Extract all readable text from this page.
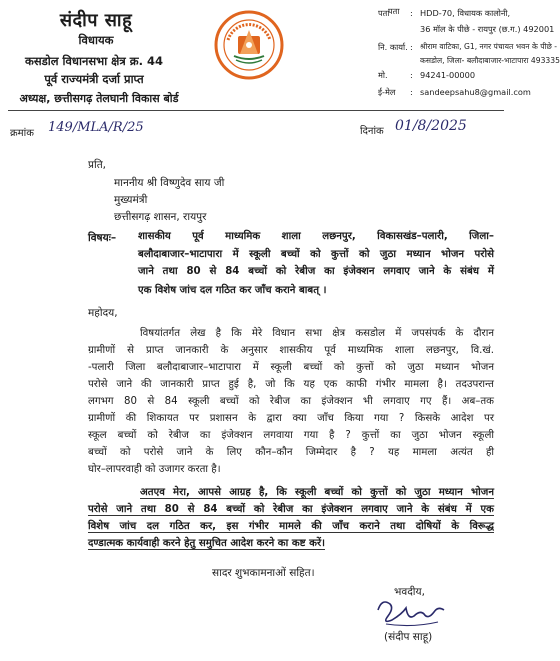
संदीप साहू
विधायक
कसडोल विधानसभा क्षेत्र क्र. 44
पूर्व राज्यमंत्री दर्जा प्राप्त
अध्यक्ष, छत्तीसगढ़ तेलघानी विकास बोर्ड
पता
पता	: HDD-70, विधायक कालोनी,
36 मॉल के पीछे - रायपुर (छ.ग.) 492001
नि. कार्या. : श्रीराम वाटिका, G1, नगर पंचायत भवन के पीछे -
कसडोल, जिला- बलौदाबाजार-भाटापारा 493335
मो.	: 94241-00000
ई-मेल : sandeepsahu8@gmail.com
क्रमांक 149/MLA/R/25	दिनांक 01/8/2025
प्रति,
माननीय श्री विष्णुदेव साय जी
मुख्यमंत्री
छत्तीसगढ़ शासन, रायपुर
विषयः– शासकीय पूर्व माध्यमिक शाला लछनपुर, विकासखंड–पलारी, जिला–
बलौदाबाजार–भाटापारा में स्कूली बच्चों को कुत्तों को जुठा मध्यान भोजन परोसे
जाने तथा 80 से 84 बच्चों को रेबीज का इंजेक्शन लगवाए जाने के संबंध में
एक विशेष जांच दल गठित कर जाँच कराने बाबत् ।
महोदय,
विषयांतर्गत लेख है कि मेरे विधान सभा क्षेत्र कसडोल में जपसंपर्क के दौरान
ग्रामीणों से प्राप्त जानकारी के अनुसार शासकीय पूर्व माध्यमिक शाला लछनपुर, वि.खं.
-पलारी जिला बलौदाबाजार–भाटापारा में स्कूली बच्चों को कुत्तों को जुठा मध्यान भोजन
परोसे जाने की जानकारी प्राप्त हुई है, जो कि यह एक काफी गंभीर मामला है। तदउपरान्त
लगभग 80 से 84 स्कूली बच्चों को रेबीज का इंजेक्शन भी लगवाए गए हैं। अब–तक
ग्रामीणों की शिकायत पर प्रशासन के द्वारा क्या जाँच किया गया ? किसके आदेश पर
स्कूल बच्चों को रेबीज का इंजेक्शन लगवाया गया है ? कुत्तों का जुठा भोजन स्कूली
बच्चों को परोसे जाने के लिए कौन–कौन जिम्मेदार है ? यह मामला अत्यंत ही
घोर–लापरवाही को उजागर करता है।
अतएव मेरा, आपसे आग्रह है, कि स्कूली बच्चों को कुत्तों को जुठा मध्यान भोजन
परोसे जाने तथा 80 से 84 बच्चों को रेबीज का इंजेक्शन लगवाए जाने के संबंध में एक
विशेष जांच दल गठित कर, इस गंभीर मामले की जाँच कराने तथा दोषियों के विरूद्ध
दण्डात्मक कार्यवाही करने हेतु समुचित आदेश करने का कष्ट करें।
सादर शुभकामनाओं सहित।
भवदीय,
(संदीप साहू)
